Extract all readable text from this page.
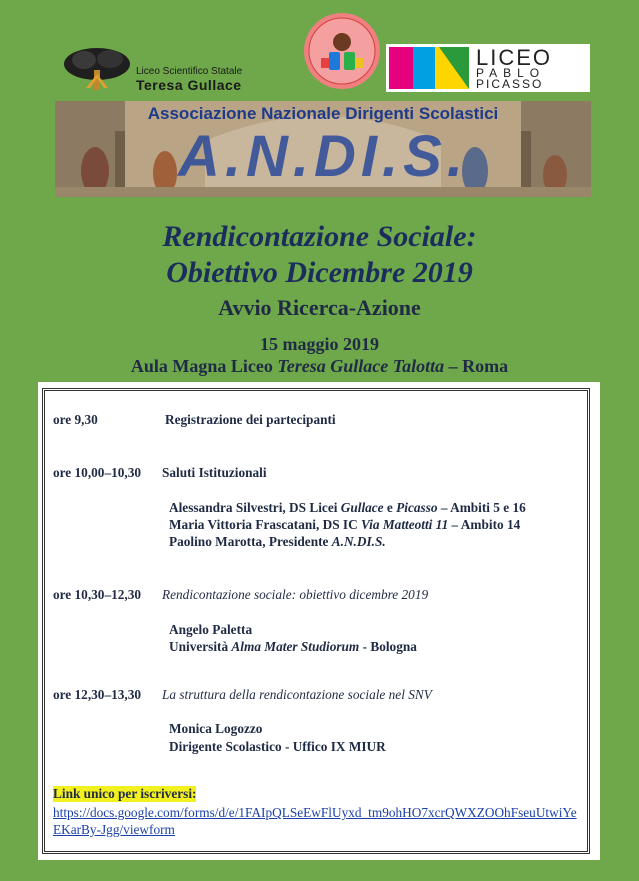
Liceo Scientifico Statale
Teresa Gullace
LICEO
PABLO
PICASSO
Associazione Nazionale Dirigenti Scolastici
A.N.DI.S.
Rendicontazione Sociale:
Obiettivo Dicembre 2019
Avvio Ricerca-Azione
15 maggio 2019
Aula Magna Liceo Teresa Gullace Talotta – Roma
ore 9,30	Registrazione dei partecipanti
ore 10,00–10,30 Saluti Istituzionali
Alessandra Silvestri, DS Licei Gullace e Picasso – Ambiti 5 e 16
Maria Vittoria Frascatani, DS IC Via Matteotti 11 – Ambito 14
Paolino Marotta, Presidente A.N.DI.S.
ore 10,30–12,30 Rendicontazione sociale: obiettivo dicembre 2019
Angelo Paletta
Università Alma Mater Studiorum - Bologna
ore 12,30–13,30 La struttura della rendicontazione sociale nel SNV
Monica Logozzo
Dirigente Scolastico - Uffico IX MIUR
Link unico per iscriversi:
https://docs.google.com/forms/d/e/1FAIpQLSeEwFlUyxd_tm9ohHO7xcrQWXZOOhFseuUtwiYeEKarBy-Jgg/viewform
